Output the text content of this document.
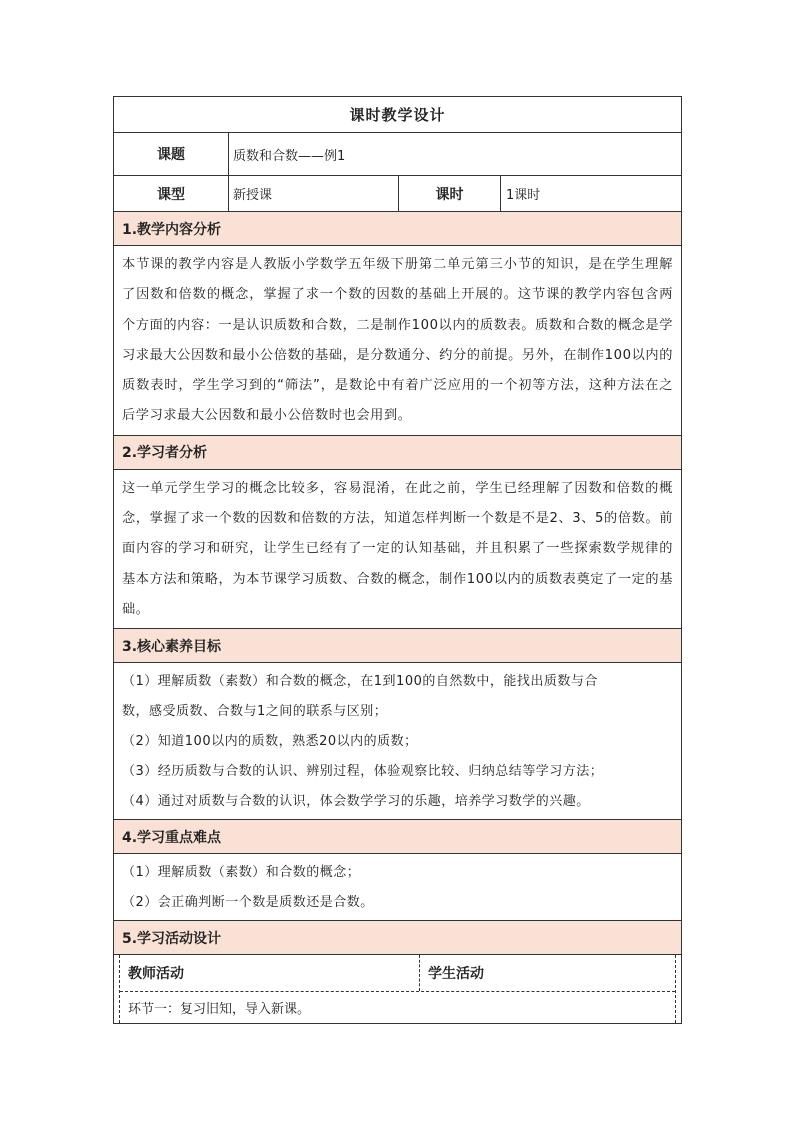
课时教学设计
课题	质数和合数——例1
课型	新授课	课时	1课时
1.教学内容分析
本节课的教学内容是人教版小学数学五年级下册第二单元第三小节的知识，是在学生理解了因数和倍数的概念，掌握了求一个数的因数的基础上开展的。这节课的教学内容包含两个方面的内容：一是认识质数和合数，二是制作100以内的质数表。质数和合数的概念是学习求最大公因数和最小公倍数的基础，是分数通分、约分的前提。另外，在制作100以内的质数表时，学生学习到的“筛法”，是数论中有着广泛应用的一个初等方法，这种方法在之后学习求最大公因数和最小公倍数时也会用到。
2.学习者分析
这一单元学生学习的概念比较多，容易混淆，在此之前，学生已经理解了因数和倍数的概念，掌握了求一个数的因数和倍数的方法，知道怎样判断一个数是不是2、3、5的倍数。前面内容的学习和研究，让学生已经有了一定的认知基础，并且积累了一些探索数学规律的基本方法和策略，为本节课学习质数、合数的概念，制作100以内的质数表奠定了一定的基础。
3.核心素养目标
（1）理解质数（素数）和合数的概念，在1到100的自然数中，能找出质数与合
数，感受质数、合数与1之间的联系与区别；
（2）知道100以内的质数，熟悉20以内的质数；
（3）经历质数与合数的认识、辨别过程，体验观察比较、归纳总结等学习方法；
（4）通过对质数与合数的认识，体会数学学习的乐趣，培养学习数学的兴趣。
4.学习重点难点
（1）理解质数（素数）和合数的概念；
（2）会正确判断一个数是质数还是合数。
5.学习活动设计
教师活动	学生活动
环节一：复习旧知，导入新课。
